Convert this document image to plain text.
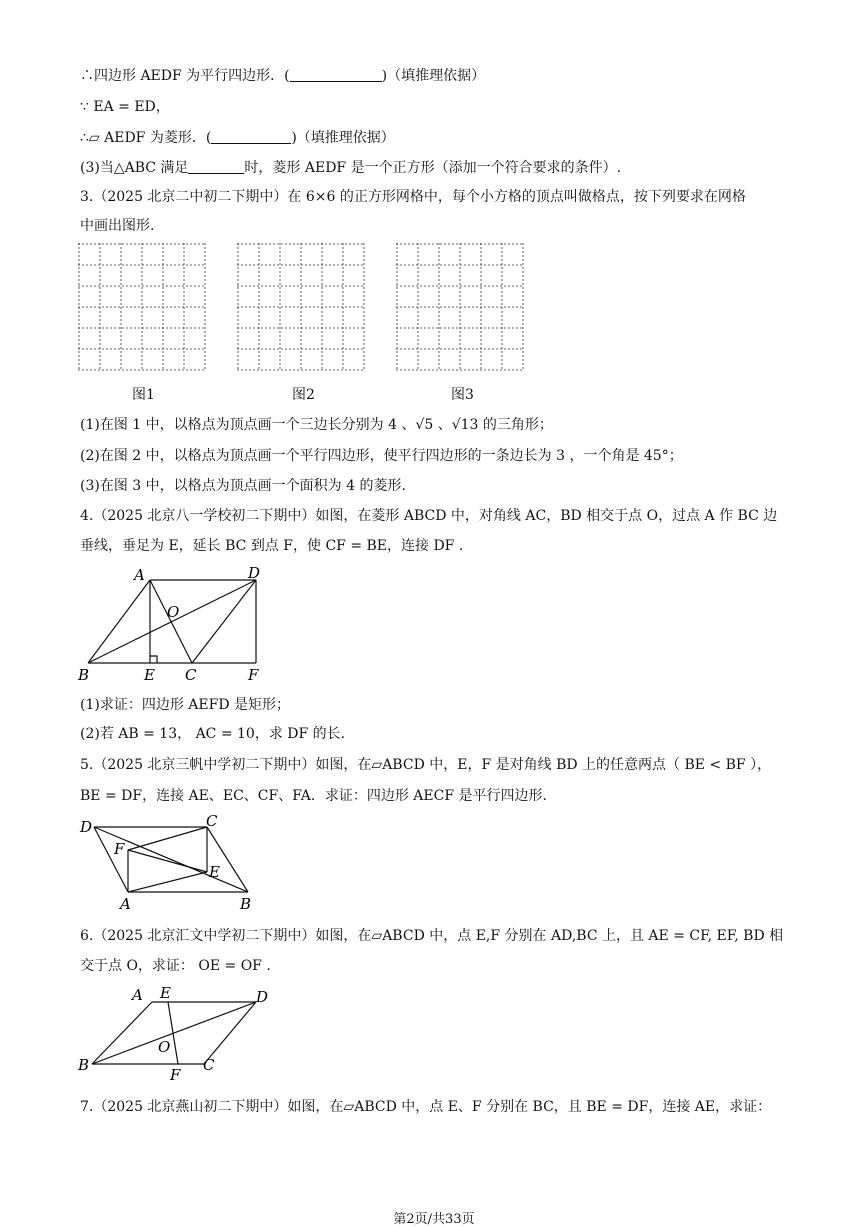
∴四边形 AEDF 为平行四边形．(	)（填推理依据）
∵ EA = ED，
∴▱ AEDF 为菱形．(	)（填推理依据）
(3)当△ABC 满足	时，菱形 AEDF 是一个正方形（添加一个符合要求的条件）.
3.（2025 北京二中初二下期中）在 6×6 的正方形网格中，每个小方格的顶点叫做格点，按下列要求在网格
中画出图形.
图1	图2	图3
(1)在图 1 中，以格点为顶点画一个三边长分别为 4 、√5 、√13 的三角形；
(2)在图 2 中，以格点为顶点画一个平行四边形，使平行四边形的一条边长为 3 ，一个角是 45°；
(3)在图 3 中，以格点为顶点画一个面积为 4 的菱形.
4.（2025 北京八一学校初二下期中）如图，在菱形 ABCD 中，对角线 AC，BD 相交于点 O，过点 A 作 BC 边
垂线，垂足为 E，延长 BC 到点 F，使 CF = BE，连接 DF .
A	D
O
B	E C	F
(1)求证：四边形 AEFD 是矩形；
(2)若 AB = 13， AC = 10，求 DF 的长.
5.（2025 北京三帆中学初二下期中）如图，在▱ABCD 中，E，F 是对角线 BD 上的任意两点（ BE < BF ），
BE = DF，连接 AE、EC、CF、FA．求证：四边形 AECF 是平行四边形.
D	C
F
E
A	B
6.（2025 北京汇文中学初二下期中）如图，在▱ABCD 中，点 E,F 分别在 AD,BC 上，且 AE = CF, EF, BD 相
交于点 O，求证： OE = OF .
A E	D
O
B
F
C
7.（2025 北京燕山初二下期中）如图，在▱ABCD 中，点 E、F 分别在 BC，且 BE = DF，连接 AE，求证：
第2页/共33页
